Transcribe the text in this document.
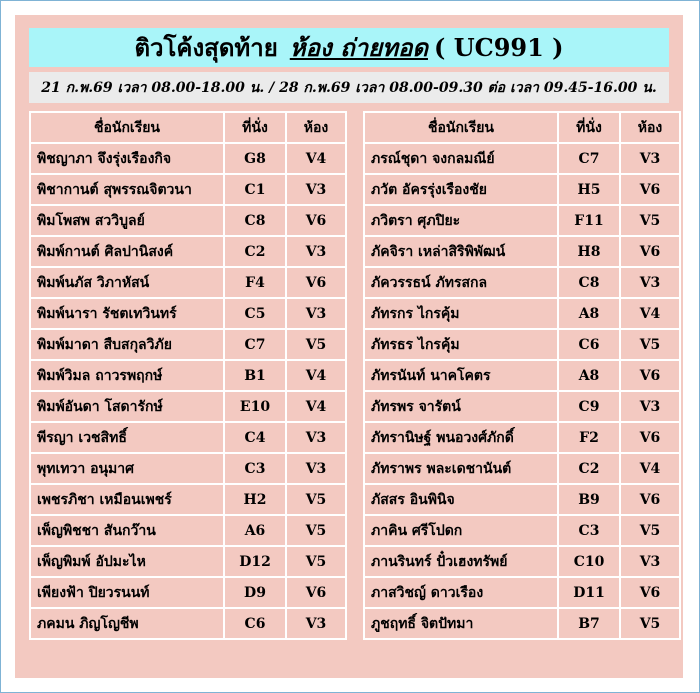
ติวโค้งสุดท้าย ห้อง ถ่ายทอด ( UC991 )
21 ก.พ.69 เวลา 08.00-18.00 น. / 28 ก.พ.69 เวลา 08.00-09.30 ต่อ เวลา 09.45-16.00 น.
ชื่อนักเรียน	ที่นั่ง	ห้อง
พิชญาภา จึงรุ่งเรืองกิจ	G8	V4
พิชากานต์ สุพรรณจิตวนา	C1	V3
พิมโพสพ สววิบูลย์	C8	V6
พิมพ์กานต์ ศิลปานิสงค์	C2	V3
พิมพ์นภัส วิภาหัสน์	F4	V6
พิมพ์นารา รัชตเทวินทร์	C5	V3
พิมพ์มาดา สืบสกุลวิภัย	C7	V5
พิมพ์วิมล ถาวรพฤกษ์	B1	V4
พิมพ์อันดา โสดารักษ์	E10	V4
พีรญา เวชสิทธิ์	C4	V3
พุทเทวา อนุมาศ	C3	V3
เพชรภิชา เหมือนเพชร์	H2	V5
เพ็ญพิชชา สันกว๊าน	A6	V5
เพ็ญพิมพ์ อัปมะไห	D12	V5
เพียงฟ้า ปิยวรนนท์	D9	V6
ภคมน ภิญโญชีพ	C6	V3
ชื่อนักเรียน	ที่นั่ง	ห้อง
ภรณ์ชุดา จงกลมณีย์	C7	V3
ภวัต อัครรุ่งเรืองชัย	H5	V6
ภวิตรา ศุภปิยะ	F11	V5
ภัคจิรา เหล่าสิริพิพัฒน์	H8	V6
ภัควรรธน์ ภัทรสกล	C8	V3
ภัทรกร ไกรคุ้ม	A8	V4
ภัทรธร ไกรคุ้ม	C6	V5
ภัทรนันท์ นาคโคตร	A8	V6
ภัทรพร จารัตน์	C9	V3
ภัทรานิษฐ์ พนอวงศ์ภักดิ์	F2	V6
ภัทราพร พละเดชานันต์	C2	V4
ภัสสร อินพินิจ	B9	V6
ภาคิน ศรีโปดก	C3	V5
ภานรินทร์ ปั๋วเฮงทรัพย์	C10	V3
ภาสวิชญ์ ดาวเรือง	D11	V6
ภูชฤทธิ์ จิตปัทมา	B7	V5
